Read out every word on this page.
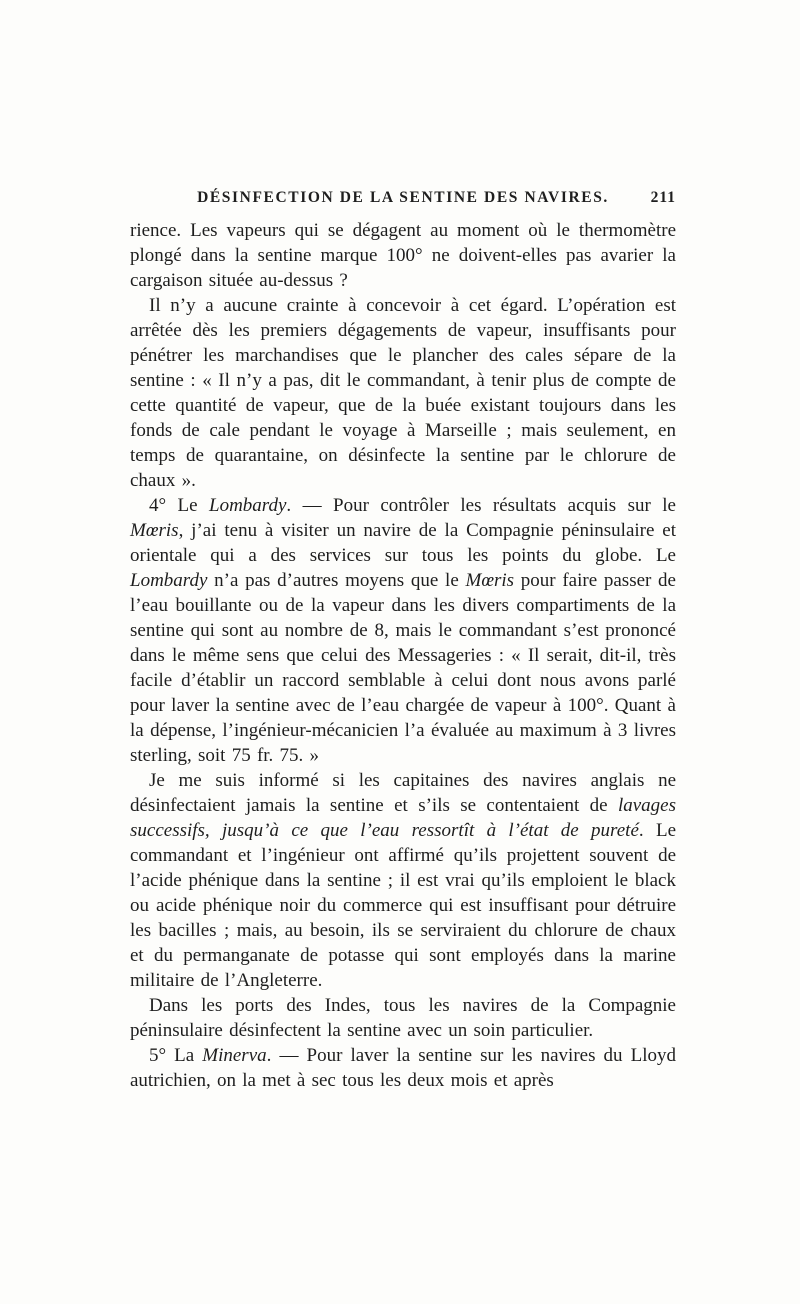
DÉSINFECTION DE LA SENTINE DES NAVIRES.	211

rience. Les vapeurs qui se dégagent au moment où le thermomètre plongé dans la sentine marque 100° ne doivent-elles pas avarier la cargaison située au-dessus ?

Il n’y a aucune crainte à concevoir à cet égard. L’opération est arrêtée dès les premiers dégagements de vapeur, insuffisants pour pénétrer les marchandises que le plancher des cales sépare de la sentine : « Il n’y a pas, dit le commandant, à tenir plus de compte de cette quantité de vapeur, que de la buée existant toujours dans les fonds de cale pendant le voyage à Marseille ; mais seulement, en temps de quarantaine, on désinfecte la sentine par le chlorure de chaux ».

4° Le Lombardy. — Pour contrôler les résultats acquis sur le Mœris, j’ai tenu à visiter un navire de la Compagnie péninsulaire et orientale qui a des services sur tous les points du globe. Le Lombardy n’a pas d’autres moyens que le Mœris pour faire passer de l’eau bouillante ou de la vapeur dans les divers compartiments de la sentine qui sont au nombre de 8, mais le commandant s’est prononcé dans le même sens que celui des Messageries : « Il serait, dit-il, très facile d’établir un raccord semblable à celui dont nous avons parlé pour laver la sentine avec de l’eau chargée de vapeur à 100°. Quant à la dépense, l’ingénieur-mécanicien l’a évaluée au maximum à 3 livres sterling, soit 75 fr. 75. »

Je me suis informé si les capitaines des navires anglais ne désinfectaient jamais la sentine et s’ils se contentaient de lavages successifs, jusqu’à ce que l’eau ressortît à l’état de pureté. Le commandant et l’ingénieur ont affirmé qu’ils projettent souvent de l’acide phénique dans la sentine ; il est vrai qu’ils emploient le black ou acide phénique noir du commerce qui est insuffisant pour détruire les bacilles ; mais, au besoin, ils se serviraient du chlorure de chaux et du permanganate de potasse qui sont employés dans la marine militaire de l’Angleterre.

Dans les ports des Indes, tous les navires de la Compagnie péninsulaire désinfectent la sentine avec un soin particulier.

5° La Minerva. — Pour laver la sentine sur les navires du Lloyd autrichien, on la met à sec tous les deux mois et après
